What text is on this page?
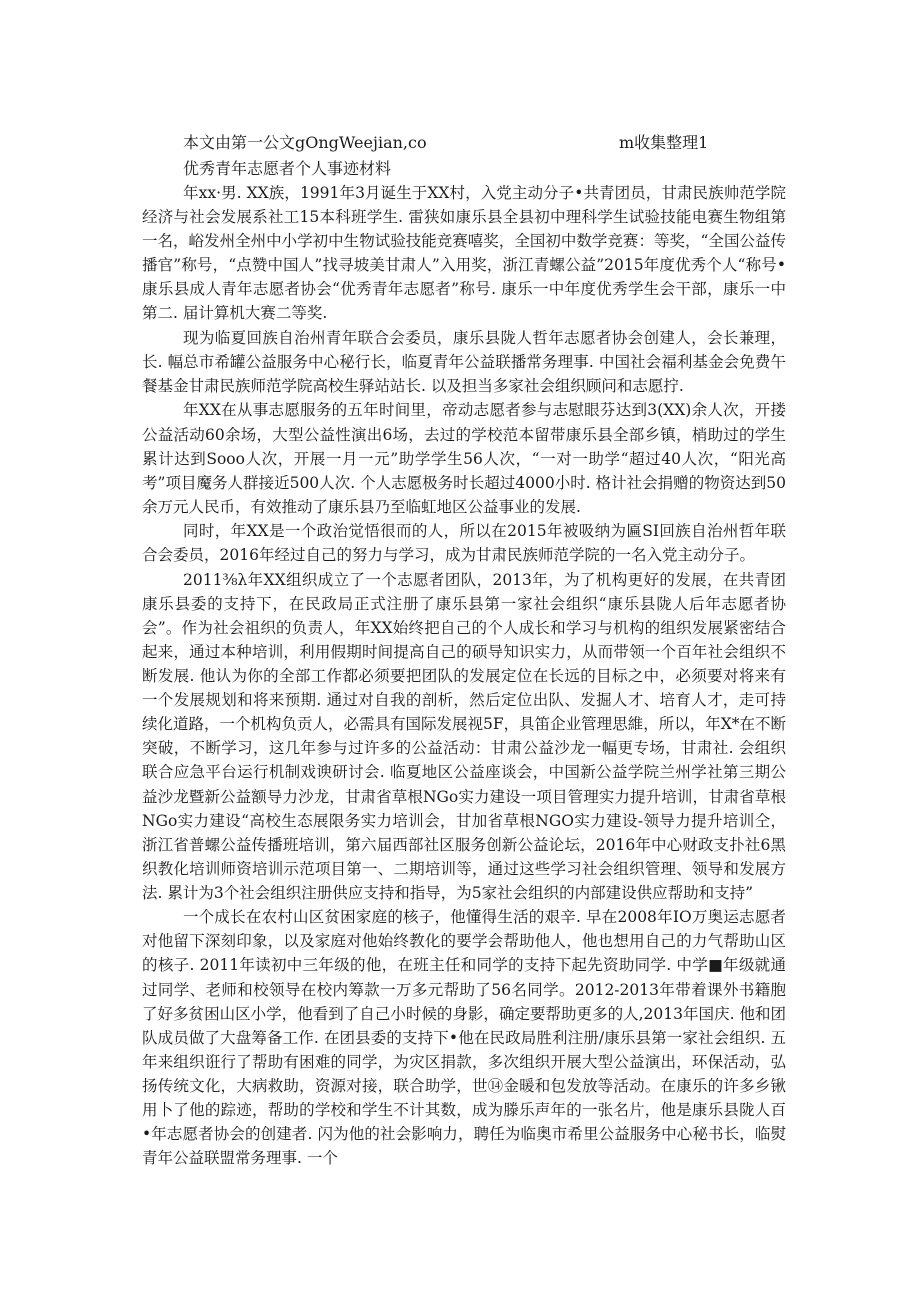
本文由第一公文gOngWeejian,co	m收集整理1
优秀青年志愿者个人事迹材料

年xx·男. XX族，1991年3月诞生于XX村，入党主动分子•共青团员，甘肃民族帅范学院经济与社会发展系社工15本科班学生. 雷狭如康乐县全县初中理科学生试验技能电赛生物组第一名，峪发州全州中小学初中生物试验技能竞赛嘻奖，全国初中数学竞赛：等奖，“全国公益传播官”称号，“点赞中国人”找寻坡美甘肃人”入用奖，浙江青螺公益”2015年度优秀个人“称号•康乐县成人青年志愿者协会“优秀青年志愿者”称号. 康乐一中年度优秀学生会干部，康乐一中第二. 届计算机大赛二等奖.

现为临夏回族自治州青年联合会委员，康乐县陇人哲年志愿者协会创建人，会长兼理，长. 幅总市希罐公益服务中心秘行长，临夏青年公益联播常务理事. 中国社会福利基金会免费午餐基金甘肃民族师范学院高校生驿站站长. 以及担当多家社会组织顾问和志愿拧.

年XX在从事志愿服务的五年时间里，帝动志愿者参与志慰眼芬达到3(XX)余人次，开搂公益活动60余场，大型公益性演出6场，去过的学校范本留带康乐县全部乡镇，梢助过的学生累计达到Sooo人次，开展一月一元”助学学生56人次，“一对一助学“超过40人次，“阳光高考”项目魔务人群接近500人次. 个人志愿极务时长超过4000小时. 格计社会捐赠的物资达到50余万元人民币，有效推动了康乐县乃至临虹地区公益事业的发展.

同时，年XX是一个政治觉悟很而的人，所以在2015年被吸纳为匾SI回族自治州哲年联合会委员，2016年经过自己的努力与学习，成为甘肃民族师范学院的一名入党主动分子。

2011⅜λ年XX组织成立了一个志愿者团队，2013年，为了机构更好的发展，在共青团康乐县委的支持下，在民政局正式注册了康乐县第一家社会组织“康乐县陇人后年志愿者协会”。作为社会祖织的负责人，年XX始终把自己的个人成长和学习与机构的组织发展紧密结合起来，通过本种培训，利用假期时间提高自己的硕导知识实力，从而带领一个百年社会组织不断发展. 他认为你的全部工作都必须要把团队的发展定位在长远的目标之中，必须要对将来有一个发展规划和将来预期. 通过对自我的剖析，然后定位出队、发掘人才、培育人才，走可持续化道路，一个机构负贡人，必需具有国际发展视5F，具笛企业管理思維，所以，年X*在不断突破，不断学习，这几年参与过许多的公益活动：甘肃公益沙龙一幅更专场，甘肃社. 会组织联合应急平台运行机制戏谀研讨会. 临夏地区公益座谈会，中国新公益学院兰州学社第三期公益沙龙暨新公益额导力沙龙，甘肃省草根NGo实力建设一项目管理实力提升培训，甘肃省草根NGo实力建设“高校生态展限务实力培训会，甘加省草根NGO实力建设-领导力提升培训仝，浙江省普螺公益传播班培训，第六届西部社区服务创新公益论坛，2016年中心财政支扑社6黑织教化培训师资培训示范项目第一、二期培训等，通过这些学习社会组织管理、领导和发展方法. 累计为3个社会组织注册供应支持和指导，为5家社会组织的内部建设供应帮助和支持”

一个成长在农村山区贫困家庭的核子，他懂得生活的艰辛. 早在2008年IO万奥运志愿者对他留下深刻印象，以及家庭对他始终教化的要学会帮助他人，他也想用自己的力气帮助山区的核子. 2011年读初中三年级的他，在班主任和同学的支持下起先资助同学. 中学■年级就通过同学、老师和校领导在校内筹款一万多元帮助了56名同学。2012-2013年带着课外书籍胞了好多贫困山区小学，他看到了自己小时候的身影，确定要帮助更多的人,2013年国庆. 他和团队成员做了大盘筹备工作. 在团县委的支持下•他在民政局胜利注册/康乐县第一家社会组织. 五年来组织诳行了帮助有困难的同学，为灾区捐款，多次组织开展大型公益演出，环保活动，弘扬传统文化，大病救助，资源对接，联合助学，世⑭金暖和包发放等活动。在康乐的许多乡锹用卜了他的踪迹，帮助的学校和学生不计其数，成为滕乐声年的一张名片，他是康乐县陇人百•年志愿者协会的创建者. 闪为他的社会影响力，聘任为临奥市希里公益服务中心秘书长，临熨青年公益联盟常务理事. 一个
